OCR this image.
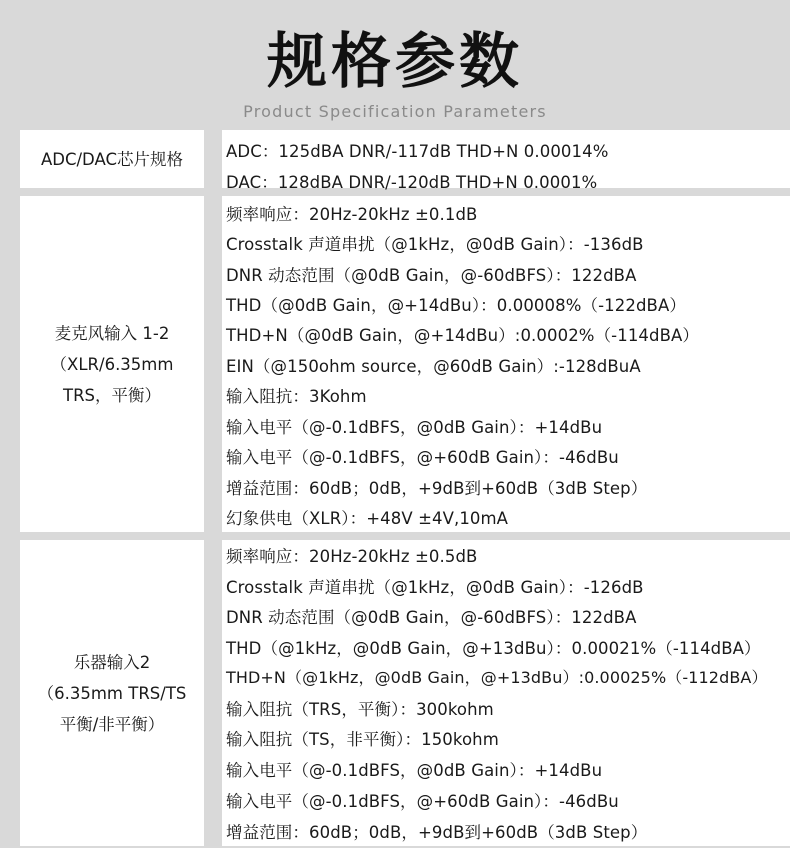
规格参数
Product Specification Parameters
ADC/DAC芯片规格	ADC：125dBA DNR/-117dB THD+N 0.00014%
DAC：128dBA DNR/-120dB THD+N 0.0001%
麦克风输入 1-2
（XLR/6.35mm
TRS，平衡）
频率响应：20Hz-20kHz ±0.1dB
Crosstalk 声道串扰（@1kHz，@0dB Gain）：-136dB
DNR 动态范围（@0dB Gain，@-60dBFS）：122dBA
THD（@0dB Gain，@+14dBu）：0.00008%（-122dBA）
THD+N（@0dB Gain，@+14dBu）:0.0002%（-114dBA）
EIN（@150ohm source，@60dB Gain）:-128dBuA
输入阻抗：3Kohm
输入电平（@-0.1dBFS，@0dB Gain）：+14dBu
输入电平（@-0.1dBFS，@+60dB Gain）：-46dBu
增益范围：60dB；0dB，+9dB到+60dB（3dB Step）
幻象供电（XLR）：+48V ±4V,10mA
乐器输入2
（6.35mm TRS/TS
平衡/非平衡）
频率响应：20Hz-20kHz ±0.5dB
Crosstalk 声道串扰（@1kHz，@0dB Gain）：-126dB
DNR 动态范围（@0dB Gain，@-60dBFS）：122dBA
THD（@1kHz，@0dB Gain，@+13dBu）：0.00021%（-114dBA）
THD+N（@1kHz，@0dB Gain，@+13dBu）:0.00025%（-112dBA）
输入阻抗（TRS，平衡）：300kohm
输入阻抗（TS，非平衡）：150kohm
输入电平（@-0.1dBFS，@0dB Gain）：+14dBu
输入电平（@-0.1dBFS，@+60dB Gain）：-46dBu
增益范围：60dB；0dB，+9dB到+60dB（3dB Step）
